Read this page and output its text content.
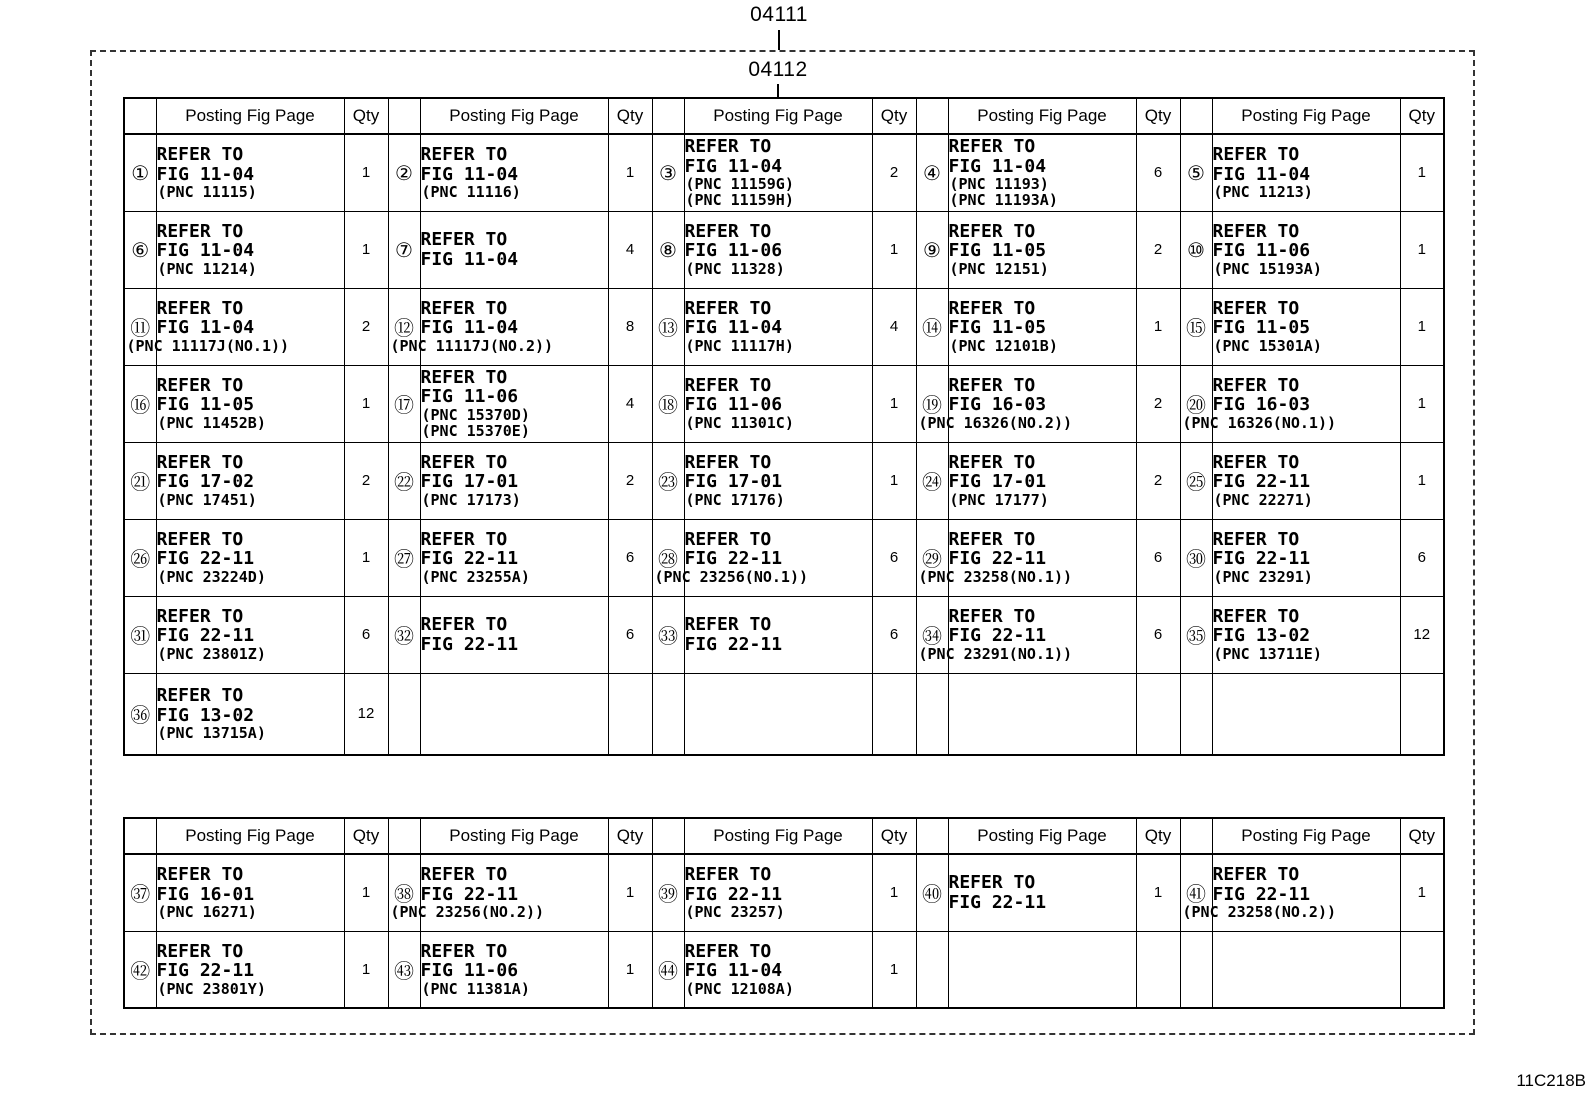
04111
04112
	Posting Fig Page	Qty		Posting Fig Page	Qty		Posting Fig Page	Qty		Posting Fig Page	Qty		Posting Fig Page	Qty
①	REFER TO
FIG 11-04
(PNC 11115)	1	②	REFER TO
FIG 11-04
(PNC 11116)	1	③	REFER TO
FIG 11-04
(PNC 11159G)
(PNC 11159H)	2	④	REFER TO
FIG 11-04
(PNC 11193)
(PNC 11193A)	6	⑤	REFER TO
FIG 11-04
(PNC 11213)	1
⑥	REFER TO
FIG 11-04
(PNC 11214)	1	⑦	REFER TO
FIG 11-04	4	⑧	REFER TO
FIG 11-06
(PNC 11328)	1	⑨	REFER TO
FIG 11-05
(PNC 12151)	2	⑩	REFER TO
FIG 11-06
(PNC 15193A)	1
⑪	REFER TO
FIG 11-04
(PNC 11117J(NO.1))	2	⑫	REFER TO
FIG 11-04
(PNC 11117J(NO.2))	8	⑬	REFER TO
FIG 11-04
(PNC 11117H)	4	⑭	REFER TO
FIG 11-05
(PNC 12101B)	1	⑮	REFER TO
FIG 11-05
(PNC 15301A)	1
⑯	REFER TO
FIG 11-05
(PNC 11452B)	1	⑰	REFER TO
FIG 11-06
(PNC 15370D)
(PNC 15370E)	4	⑱	REFER TO
FIG 11-06
(PNC 11301C)	1	⑲	REFER TO
FIG 16-03
(PNC 16326(NO.2))	2	⑳	REFER TO
FIG 16-03
(PNC 16326(NO.1))	1
㉑	REFER TO
FIG 17-02
(PNC 17451)	2	㉒	REFER TO
FIG 17-01
(PNC 17173)	2	㉓	REFER TO
FIG 17-01
(PNC 17176)	1	㉔	REFER TO
FIG 17-01
(PNC 17177)	2	㉕	REFER TO
FIG 22-11
(PNC 22271)	1
㉖	REFER TO
FIG 22-11
(PNC 23224D)	1	㉗	REFER TO
FIG 22-11
(PNC 23255A)	6	㉘	REFER TO
FIG 22-11
(PNC 23256(NO.1))	6	㉙	REFER TO
FIG 22-11
(PNC 23258(NO.1))	6	㉚	REFER TO
FIG 22-11
(PNC 23291)	6
㉛	REFER TO
FIG 22-11
(PNC 23801Z)	6	㉜	REFER TO
FIG 22-11	6	㉝	REFER TO
FIG 22-11	6	㉞	REFER TO
FIG 22-11
(PNC 23291(NO.1))	6	㉟	REFER TO
FIG 13-02
(PNC 13711E)	12
㊱	REFER TO
FIG 13-02
(PNC 13715A)	12												
	Posting Fig Page	Qty		Posting Fig Page	Qty		Posting Fig Page	Qty		Posting Fig Page	Qty		Posting Fig Page	Qty
㊲	REFER TO
FIG 16-01
(PNC 16271)	1	㊳	REFER TO
FIG 22-11
(PNC 23256(NO.2))	1	㊴	REFER TO
FIG 22-11
(PNC 23257)	1	㊵	REFER TO
FIG 22-11	1	㊶	REFER TO
FIG 22-11
(PNC 23258(NO.2))	1
㊷	REFER TO
FIG 22-11
(PNC 23801Y)	1	㊸	REFER TO
FIG 11-06
(PNC 11381A)	1	㊹	REFER TO
FIG 11-04
(PNC 12108A)	1						
11C218B
